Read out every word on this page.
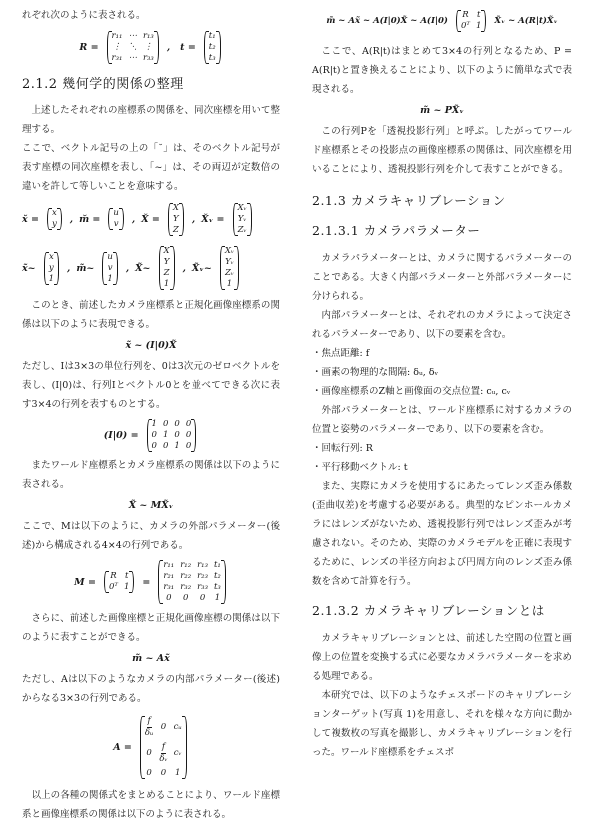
れぞれ次のように表される。

R =
r₁₁ ⋯ r₁₃
⋮ ⋱ ⋮
r₃₁ ⋯ r₃₃
, t =
t₁
t₂
t₃
2.1.2 幾何学的関係の整理

上述したそれぞれの座標系の関係を、同次座標を用いて整理する。

ここで、ベクトル記号の上の「˘」は、そのベクトル記号が表す座標の同次座標を表し、「~」は、その両辺が定数倍の違いを許して等しいことを意味する。

x̆ =
x
y , m̆ =
u
v , X̆ =
X
Y
Z
, X̆ᵥ =
Xᵥ
Yᵥ
Zᵥ
x̃~
x
y
1
, m̃~
u
v
1
, X̃~
X
Y
Z
1
, X̃ᵥ~
Xᵥ
Yᵥ
Zᵥ
1

このとき、前述したカメラ座標系と正規化画像座標系の関係は以下のように表現できる。

x̃ ~ (I|0)X̃

ただし、Iは3×3の単位行列を、0は3次元のゼロベクトルを表し、(I|0)は、行列Iとベクトル0とを並べてできる次に表す3×4の行列を表すものとする。

(I|0) =
1 0 0 0
0 1 0 0
0 0 1 0

またワールド座標系とカメラ座標系の関係は以下のように表される。

X̃ ~ MX̃ᵥ

ここで、Mは以下のように、カメラの外部パラメーター(後述)から構成される4×4の行列である。

M =
R t
0ᵀ 1 =
r₁₁ r₁₂ r₁₃ t₁
r₂₁ r₂₂ r₂₃ t₂
r₃₁ r₃₂ r₃₃ t₃
0	0	0	1

さらに、前述した画像座標と正規化画像座標の関係は以下のように表すことができる。

m̃ ~ Ax̃

ただし、Aは以下のようなカメラの内部パラメーター(後述)からなる3×3の行列である。

A =
$\frac{f}{\text{δᵤ}} 0$ cᵤ
$0 \frac{f}{\text{δᵥ}}$ cᵥ
0 0 1

以上の各種の関係式をまとめることにより、ワールド座標系と画像座標系の関係は以下のように表される。

m̃ ~ Ax̃ ~ A(I|0)X̃ ~ A(I|0)
R t
0ᵀ 1
X̃ᵥ ~ A(R|t)X̃ᵥ

ここで、A(R|t)はまとめて3×4の行列となるため、P = A(R|t)と置き換えることにより、以下のように簡単な式で表現される。

m̃ ~ PX̃ᵥ

この行列Pを「透視投影行列」と呼ぶ。したがってワールド座標系とその投影点の画像座標系の関係は、同次座標を用いることにより、透視投影行列を介して表すことができる。

2.1.3 カメラキャリブレーション
2.1.3.1 カメラパラメーター

カメラパラメーターとは、カメラに関するパラメーターのことである。大きく内部パラメーターと外部パラメーターに分けられる。

内部パラメーターとは、それぞれのカメラによって決定されるパラメーターであり、以下の要素を含む。

・焦点距離: f

・画素の物理的な間隔: δᵤ, δᵥ

・画像座標系のZ軸と画像面の交点位置: cᵤ, cᵥ

外部パラメーターとは、ワールド座標系に対するカメラの位置と姿勢のパラメーターであり、以下の要素を含む。

・回転行列: R

・平行移動ベクトル: t

また、実際にカメラを使用するにあたってレンズ歪み係数(歪曲収差)を考慮する必要がある。典型的なピンホールカメラにはレンズがないため、透視投影行列ではレンズ歪みが考慮されない。そのため、実際のカメラモデルを正確に表現するために、レンズの半径方向および円周方向のレンズ歪み係数を含めて計算を行う。

2.1.3.2 カメラキャリブレーションとは

カメラキャリブレーションとは、前述した空間の位置と画像上の位置を変換する式に必要なカメラパラメーターを求める処理である。

本研究では、以下のようなチェスボードのキャリブレーションターゲット(写真 1)を用意し、それを様々な方向に動かして複数枚の写真を撮影し、カメラキャリブレーションを行った。ワールド座標系をチェスボ
